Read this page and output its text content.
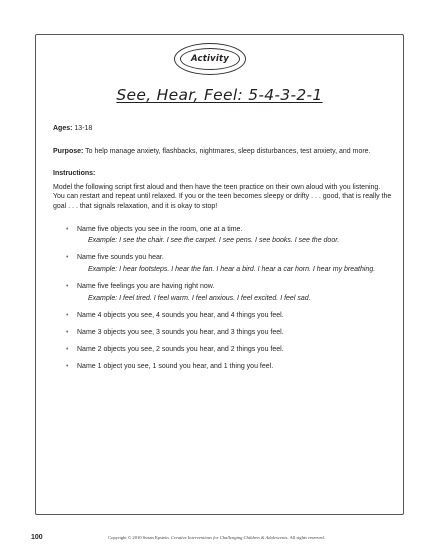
Activity
See, Hear, Feel: 5-4-3-2-1

Ages: 13-18

Purpose: To help manage anxiety, flashbacks, nightmares, sleep disturbances, test anxiety, and more.

Instructions:

Model the following script first aloud and then have the teen practice on their own aloud with you listening. You can restart and repeat until relaxed. If you or the teen becomes sleepy or drifty . . . good, that is really the goal . . . that signals relaxation, and it is okay to stop!

• Name five objects you see in the room, one at a time.
Example: I see the chair. I see the carpet. I see pens. I see books. I see the door.
• Name five sounds you hear.
Example: I hear footsteps. I hear the fan. I hear a bird. I hear a car horn. I hear my breathing.
• Name five feelings you are having right now.
Example: I feel tired. I feel warm. I feel anxious. I feel excited. I feel sad.
• Name 4 objects you see, 4 sounds you hear, and 4 things you feel.
• Name 3 objects you see, 3 sounds you hear, and 3 things you feel.
• Name 2 objects you see, 2 sounds you hear, and 2 things you feel.
• Name 1 object you see, 1 sound you hear, and 1 thing you feel.
100	Copyright © 2010 Susan Epstein. Creative Interventions for Challenging Children & Adolescents. All rights reserved.
